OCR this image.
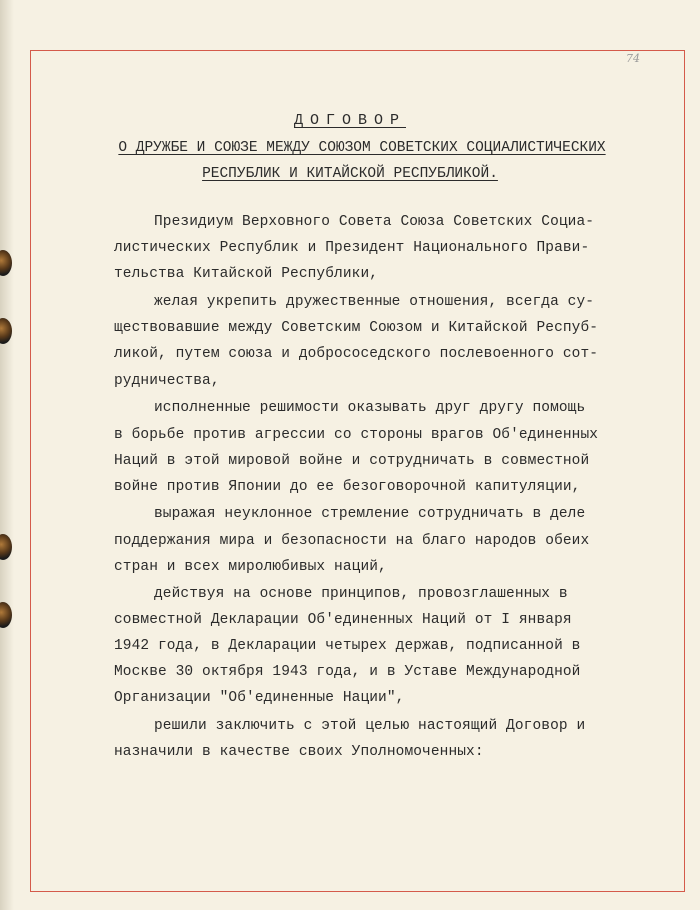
74

ДОГОВОР

О ДРУЖБЕ И СОЮЗЕ МЕЖДУ СОЮЗОМ СОВЕТСКИХ СОЦИАЛИСТИЧЕСКИХ

РЕСПУБЛИК И КИТАЙСКОЙ РЕСПУБЛИКОЙ.

Президиум Верховного Совета Союза Советских Социа-

листических Республик и Президент Национального Прави-

тельства Китайской Республики,

желая укрепить дружественные отношения, всегда су-

ществовавшие между Советским Союзом и Китайской Респуб-

ликой, путем союза и добрососедского послевоенного сот-

рудничества,

исполненные решимости оказывать друг другу помощь

в борьбе против агрессии со стороны врагов Об'единенных

Наций в этой мировой войне и сотрудничать в совместной

войне против Японии до ее безоговорочной капитуляции,

выражая неуклонное стремление сотрудничать в деле

поддержания мира и безопасности на благо народов обеих

стран и всех миролюбивых наций,

действуя на основе принципов, провозглашенных в

совместной Декларации Об'единенных Наций от I января

1942 года, в Декларации четырех держав, подписанной в

Москве 30 октября 1943 года, и в Уставе Международной

Организации "Об'единенные Нации",

решили заключить с этой целью настоящий Договор и

назначили в качестве своих Уполномоченных:
